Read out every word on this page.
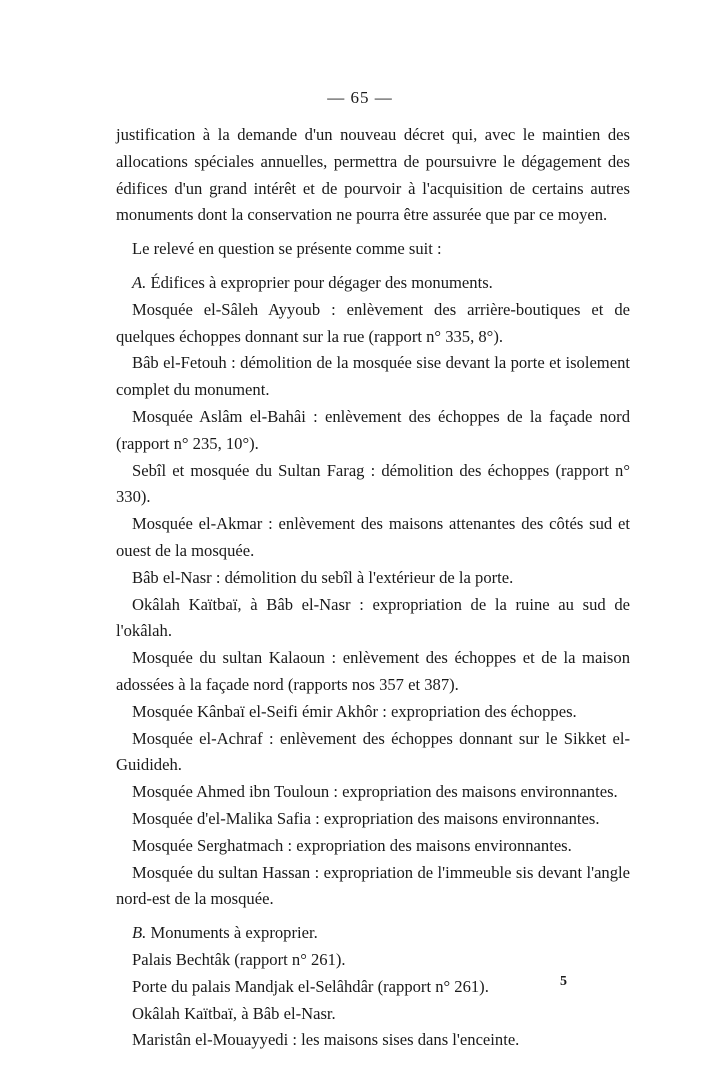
— 65 —

justification à la demande d'un nouveau décret qui, avec le maintien des allocations spéciales annuelles, permettra de poursuivre le dégagement des édifices d'un grand intérêt et de pourvoir à l'acquisition de certains autres monuments dont la conservation ne pourra être assurée que par ce moyen.

Le relevé en question se présente comme suit :

A. Édifices à exproprier pour dégager des monuments.

Mosquée el-Sâleh Ayyoub : enlèvement des arrière-boutiques et de quelques échoppes donnant sur la rue (rapport n° 335, 8°).

Bâb el-Fetouh : démolition de la mosquée sise devant la porte et isolement complet du monument.

Mosquée Aslâm el-Bahâi : enlèvement des échoppes de la façade nord (rapport n° 235, 10°).

Sebîl et mosquée du Sultan Farag : démolition des échoppes (rapport n° 330).

Mosquée el-Akmar : enlèvement des maisons attenantes des côtés sud et ouest de la mosquée.

Bâb el-Nasr : démolition du sebîl à l'extérieur de la porte.

Okâlah Kaïtbaï, à Bâb el-Nasr : expropriation de la ruine au sud de l'okâlah.

Mosquée du sultan Kalaoun : enlèvement des échoppes et de la maison adossées à la façade nord (rapports nos 357 et 387).

Mosquée Kânbaï el-Seifi émir Akhôr : expropriation des échoppes.

Mosquée el-Achraf : enlèvement des échoppes donnant sur le Sikket el-Guidideh.

Mosquée Ahmed ibn Touloun : expropriation des maisons environnantes.

Mosquée d'el-Malika Safia : expropriation des maisons environnantes.

Mosquée Serghatmach : expropriation des maisons environnantes.

Mosquée du sultan Hassan : expropriation de l'immeuble sis devant l'angle nord-est de la mosquée.

B. Monuments à exproprier.

Palais Bechtâk (rapport n° 261).

Porte du palais Mandjak el-Selâhdâr (rapport n° 261).

Okâlah Kaïtbaï, à Bâb el-Nasr.

Maristân el-Mouayyedi : les maisons sises dans l'enceinte.

5
